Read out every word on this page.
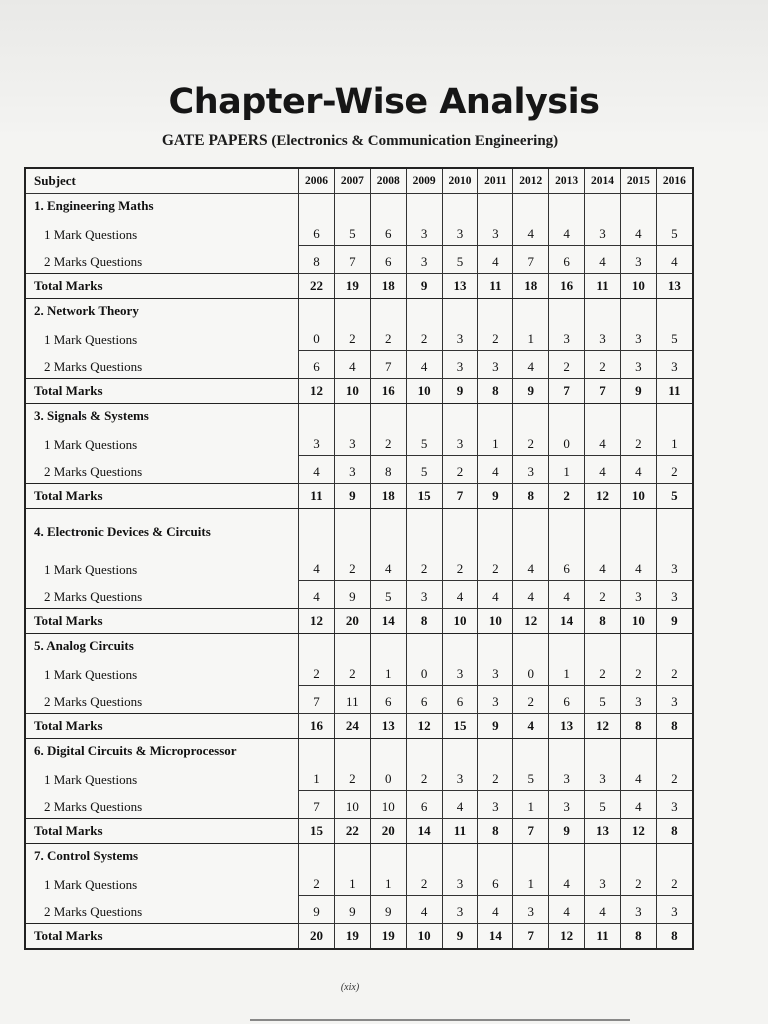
Chapter-Wise Analysis
GATE PAPERS (Electronics & Communication Engineering)
Subject	2006	2007	2008	2009	2010	2011	2012	2013	2014	2015	2016
1. Engineering Maths											
1 Mark Questions	6	5	6	3	3	3	4	4	3	4	5
2 Marks Questions	8	7	6	3	5	4	7	6	4	3	4
Total Marks	22	19	18	9	13	11	18	16	11	10	13
2. Network Theory											
1 Mark Questions	0	2	2	2	3	2	1	3	3	3	5
2 Marks Questions	6	4	7	4	3	3	4	2	2	3	3
Total Marks	12	10	16	10	9	8	9	7	7	9	11
3. Signals & Systems											
1 Mark Questions	3	3	2	5	3	1	2	0	4	2	1
2 Marks Questions	4	3	8	5	2	4	3	1	4	4	2
Total Marks	11	9	18	15	7	9	8	2	12	10	5
4. Electronic Devices & Circuits											
1 Mark Questions	4	2	4	2	2	2	4	6	4	4	3
2 Marks Questions	4	9	5	3	4	4	4	4	2	3	3
Total Marks	12	20	14	8	10	10	12	14	8	10	9
5. Analog Circuits											
1 Mark Questions	2	2	1	0	3	3	0	1	2	2	2
2 Marks Questions	7	11	6	6	6	3	2	6	5	3	3
Total Marks	16	24	13	12	15	9	4	13	12	8	8
6. Digital Circuits & Microprocessor											
1 Mark Questions	1	2	0	2	3	2	5	3	3	4	2
2 Marks Questions	7	10	10	6	4	3	1	3	5	4	3
Total Marks	15	22	20	14	11	8	7	9	13	12	8
7. Control Systems											
1 Mark Questions	2	1	1	2	3	6	1	4	3	2	2
2 Marks Questions	9	9	9	4	3	4	3	4	4	3	3
Total Marks	20	19	19	10	9	14	7	12	11	8	8
(xix)
